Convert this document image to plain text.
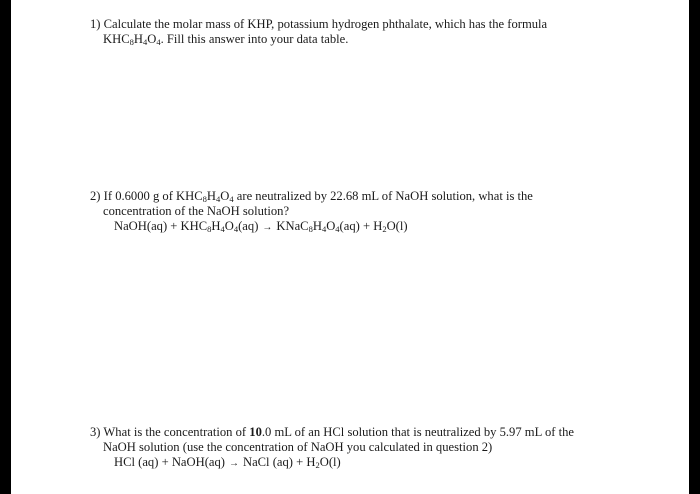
1) Calculate the molar mass of KHP, potassium hydrogen phthalate, which has the formula
$KHC_8H_4O_4$. Fill this answer into your data table.
2) If 0.6000 g of $KHC_8H_4O_4$ are neutralized by 22.68 mL of NaOH solution, what is the
concentration of the NaOH solution?
NaOH(aq) + $KHC_8H_4O_4(aq)$ → $KNaC_8H_4O_4(aq) + H_2O(l)$
3) What is the concentration of 10.0 mL of an HCl solution that is neutralized by 5.97 mL of the
NaOH solution (use the concentration of NaOH you calculated in question 2)
HCl (aq) + NaOH(aq) → NaCl $(aq) + H_2O(l)$
